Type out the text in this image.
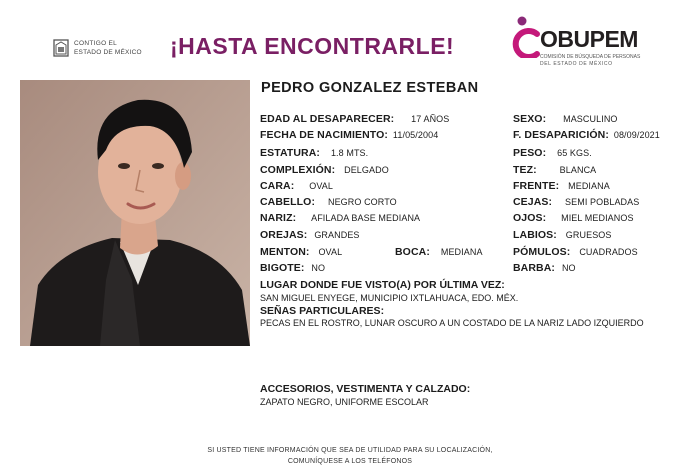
CONTIGO EL
ESTADO DE MÉXICO ¡HASTA ENCONTRARLE!	OBUPEM
COMISIÓN DE BÚSQUEDA DE PERSONAS
DEL ESTADO DE MÉXICO
PEDRO GONZALEZ ESTEBAN
EDAD AL DESAPARECER: 17 AÑOS
FECHA DE NACIMIENTO: 11/05/2004
ESTATURA: 1.8 MTS.
COMPLEXIÓN: DELGADO
CARA: OVAL
CABELLO: NEGRO CORTO
NARIZ: AFILADA BASE MEDIANA
OREJAS: GRANDES
MENTON: OVAL	BOCA: MEDIANA
BIGOTE: NO
SEXO: MASCULINO
F. DESAPARICIÓN: 08/09/2021
PESO: 65 KGS.
TEZ:	BLANCA
FRENTE: MEDIANA
CEJAS: SEMI POBLADAS
OJOS: MIEL MEDIANOS
LABIOS: GRUESOS
PÓMULOS: CUADRADOS
BARBA: NO
LUGAR DONDE FUE VISTO(A) POR ÚLTIMA VEZ:
SAN MIGUEL ENYEGE, MUNICIPIO IXTLAHUACA, EDO. MÉX.
SEÑAS PARTICULARES:
PECAS EN EL ROSTRO, LUNAR OSCURO A UN COSTADO DE LA NARIZ LADO IZQUIERDO
ACCESORIOS, VESTIMENTA Y CALZADO:
ZAPATO NEGRO, UNIFORME ESCOLAR
SI USTED TIENE INFORMACIÓN QUE SEA DE UTILIDAD PARA SU LOCALIZACIÓN,
COMUNÍQUESE A LOS TELÉFONOS
